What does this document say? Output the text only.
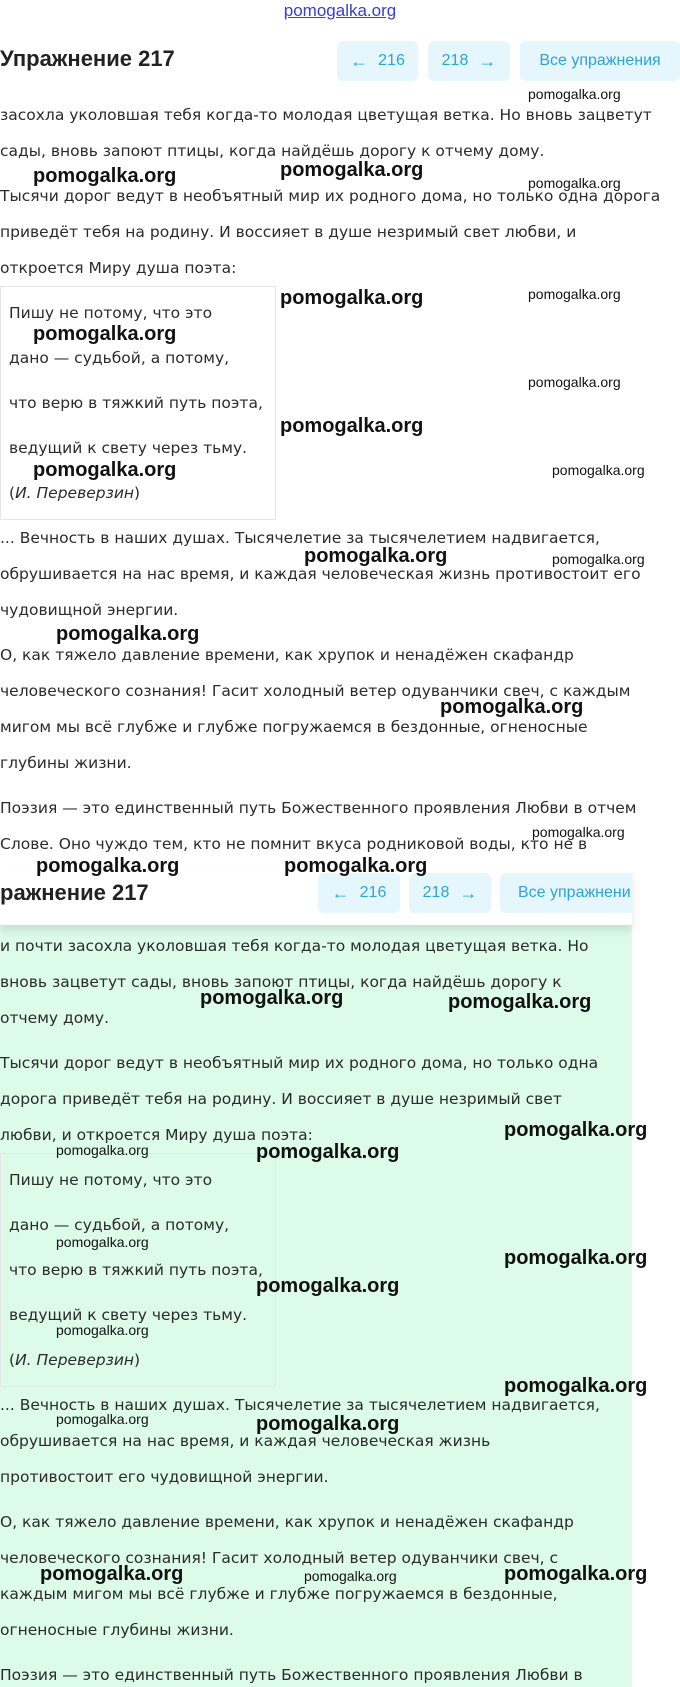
pomogalka.org
Упражнение 217	← 216 218 →	Все упражнения

засохла уколовшая тебя когда-то молодая цветущая ветка. Но вновь зацветут

сады, вновь запоют птицы, когда найдёшь дорогу к отчему дому.

Тысячи дорог ведут в необъятный мир их родного дома, но только одна дорога

приведёт тебя на родину. И воссияет в душе незримый свет любви, и

откроется Миру душа поэта:

Пишу не потому, что это
дано — судьбой, а потому,
что верю в тяжкий путь поэта,
ведущий к свету через тьму.
(И. Переверзин)

... Вечность в наших душах. Тысячелетие за тысячелетием надвигается,

обрушивается на нас время, и каждая человеческая жизнь противостоит его

чудовищной энергии.

О, как тяжело давление времени, как хрупок и ненадёжен скафандр

человеческого сознания! Гасит холодный ветер одуванчики свеч, с каждым

мигом мы всё глубже и глубже погружаемся в бездонные, огненосные

глубины жизни.

Поэзия — это единственный путь Божественного проявления Любви в отчем

Слове. Оно чуждо тем, кто не помнит вкуса родниковой воды, кто не в

ражнение 217	← 216 218 →	Все упражнени

и почти засохла уколовшая тебя когда-то молодая цветущая ветка. Но

вновь зацветут сады, вновь запоют птицы, когда найдёшь дорогу к

отчему дому.

Тысячи дорог ведут в необъятный мир их родного дома, но только одна

дорога приведёт тебя на родину. И воссияет в душе незримый свет

любви, и откроется Миру душа поэта:

Пишу не потому, что это
дано — судьбой, а потому,
что верю в тяжкий путь поэта,
ведущий к свету через тьму.
(И. Переверзин)

... Вечность в наших душах. Тысячелетие за тысячелетием надвигается,

обрушивается на нас время, и каждая человеческая жизнь

противостоит его чудовищной энергии.

О, как тяжело давление времени, как хрупок и ненадёжен скафандр

человеческого сознания! Гасит холодный ветер одуванчики свеч, с

каждым мигом мы всё глубже и глубже погружаемся в бездонные,

огненосные глубины жизни.

Поэзия — это единственный путь Божественного проявления Любви в

pomogalka.org
pomogalka.org	pomogalka.org
pomogalka.org
pomogalka.org	pomogalka.org
pomogalka.org
pomogalka.org
pomogalka.org
pomogalka.org	pomogalka.org
pomogalka.org	pomogalka.org
pomogalka.org
pomogalka.org
pomogalka.org
pomogalka.org	pomogalka.org
pomogalka.org	pomogalka.org
pomogalka.org
pomogalka.org	pomogalka.org
pomogalka.org
pomogalka.org
pomogalka.org
pomogalka.org
pomogalka.org
pomogalka.org	pomogalka.org
pomogalka.org	pomogalka.org	pomogalka.org
